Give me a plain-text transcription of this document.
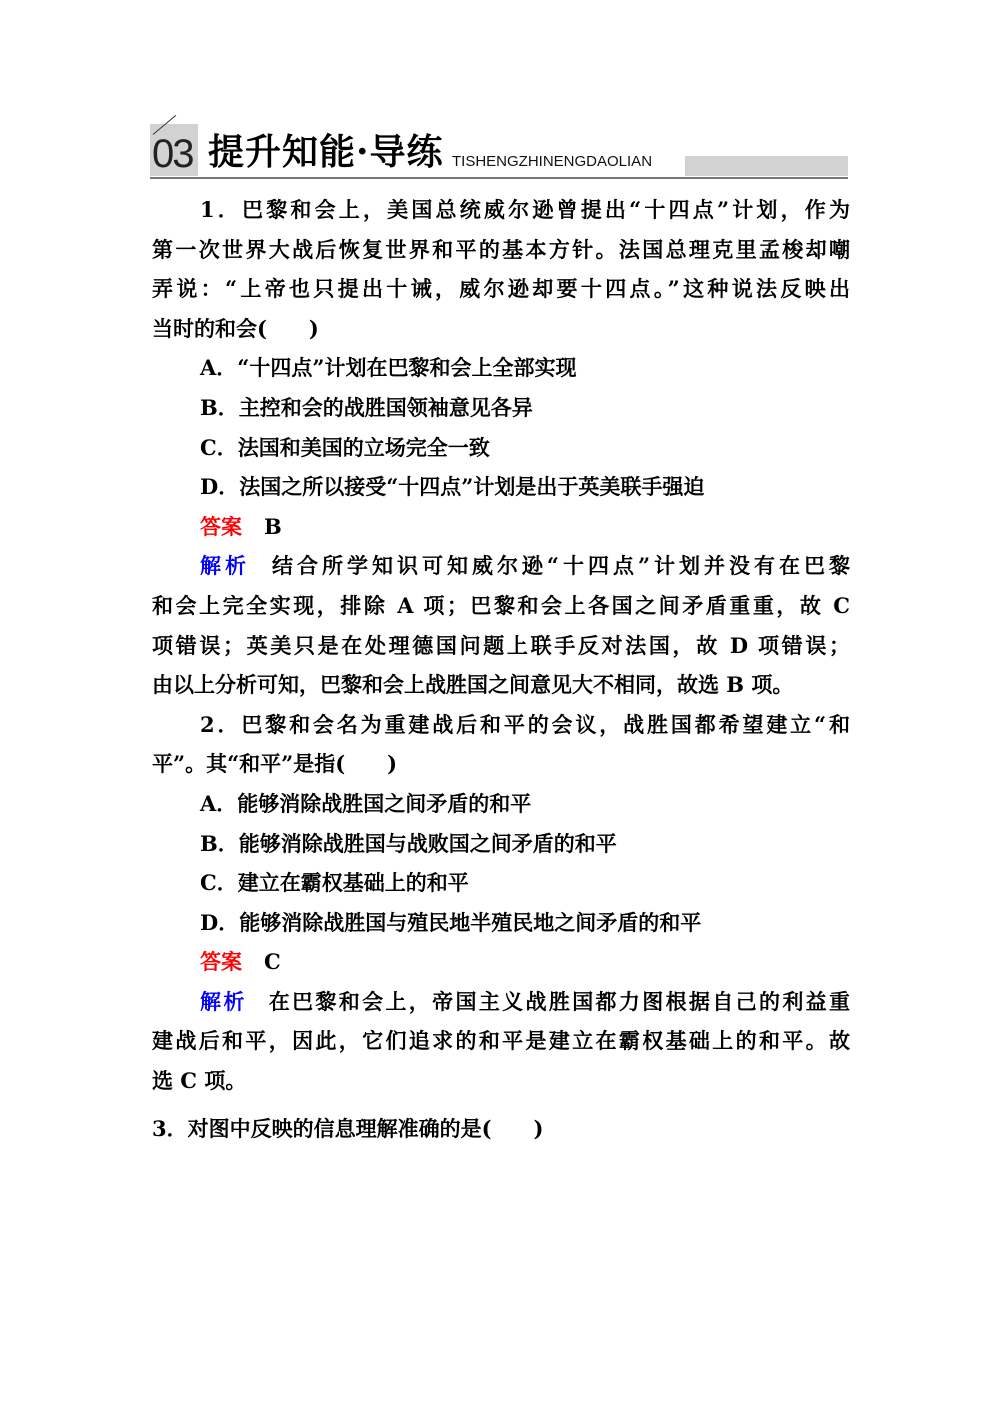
03 提升知能·导练 TISHENGZHINENGDAOLIAN
1．巴黎和会上，美国总统威尔逊曾提出“十四点”计划，作为
第一次世界大战后恢复世界和平的基本方针。法国总理克里孟梭却嘲
弄说：“上帝也只提出十诫，威尔逊却要十四点。”这种说法反映出
当时的和会(　　)
A．“十四点”计划在巴黎和会上全部实现
B．主控和会的战胜国领袖意见各异
C．法国和美国的立场完全一致
D．法国之所以接受“十四点”计划是出于英美联手强迫
答案 B
解析 结合所学知识可知威尔逊“十四点”计划并没有在巴黎
和会上完全实现，排除 A 项；巴黎和会上各国之间矛盾重重，故 C
项错误；英美只是在处理德国问题上联手反对法国，故 D 项错误；
由以上分析可知，巴黎和会上战胜国之间意见大不相同，故选 B 项。
2．巴黎和会名为重建战后和平的会议，战胜国都希望建立“和
平”。其“和平”是指(　　)
A．能够消除战胜国之间矛盾的和平
B．能够消除战胜国与战败国之间矛盾的和平
C．建立在霸权基础上的和平
D．能够消除战胜国与殖民地半殖民地之间矛盾的和平
答案 C
解析 在巴黎和会上，帝国主义战胜国都力图根据自己的利益重
建战后和平，因此，它们追求的和平是建立在霸权基础上的和平。故
选 C 项。
3．对图中反映的信息理解准确的是(　　)
